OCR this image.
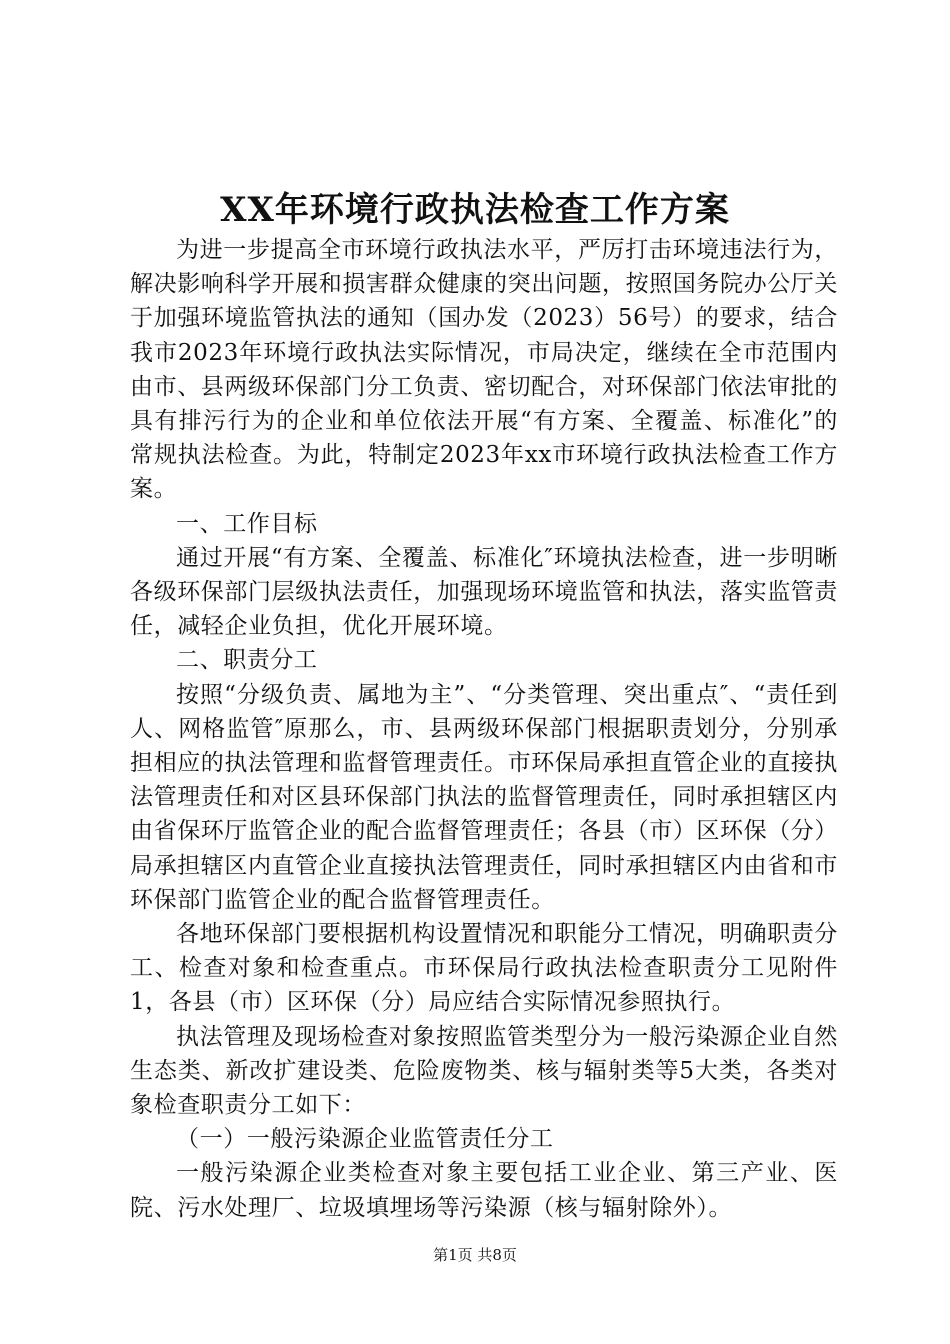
XX年环境行政执法检查工作方案

为进一步提高全市环境行政执法水平，严厉打击环境违法行为，解决影响科学开展和损害群众健康的突出问题，按照国务院办公厅关于加强环境监管执法的通知（国办发（2023）56号）的要求，结合我市2023年环境行政执法实际情况，市局决定，继续在全市范围内由市、县两级环保部门分工负责、密切配合，对环保部门依法审批的具有排污行为的企业和单位依法开展“有方案、全覆盖、标准化”的常规执法检查。为此，特制定2023年xx市环境行政执法检查工作方案。

一、工作目标

通过开展“有方案、全覆盖、标准化″环境执法检查，进一步明晰各级环保部门层级执法责任，加强现场环境监管和执法，落实监管责任，减轻企业负担，优化开展环境。

二、职责分工

按照“分级负责、属地为主”、“分类管理、突出重点″、“责任到人、网格监管″原那么，市、县两级环保部门根据职责划分，分别承担相应的执法管理和监督管理责任。市环保局承担直管企业的直接执法管理责任和对区县环保部门执法的监督管理责任，同时承担辖区内由省保环厅监管企业的配合监督管理责任；各县（市）区环保（分）局承担辖区内直管企业直接执法管理责任，同时承担辖区内由省和市环保部门监管企业的配合监督管理责任。

各地环保部门要根据机构设置情况和职能分工情况，明确职责分工、检查对象和检查重点。市环保局行政执法检查职责分工见附件1，各县（市）区环保（分）局应结合实际情况参照执行。

执法管理及现场检查对象按照监管类型分为一般污染源企业自然生态类、新改扩建设类、危险废物类、核与辐射类等5大类，各类对象检查职责分工如下：

（一）一般污染源企业监管责任分工

一般污染源企业类检查对象主要包括工业企业、第三产业、医院、污水处理厂、垃圾填埋场等污染源（核与辐射除外）。

第1页 共8页
